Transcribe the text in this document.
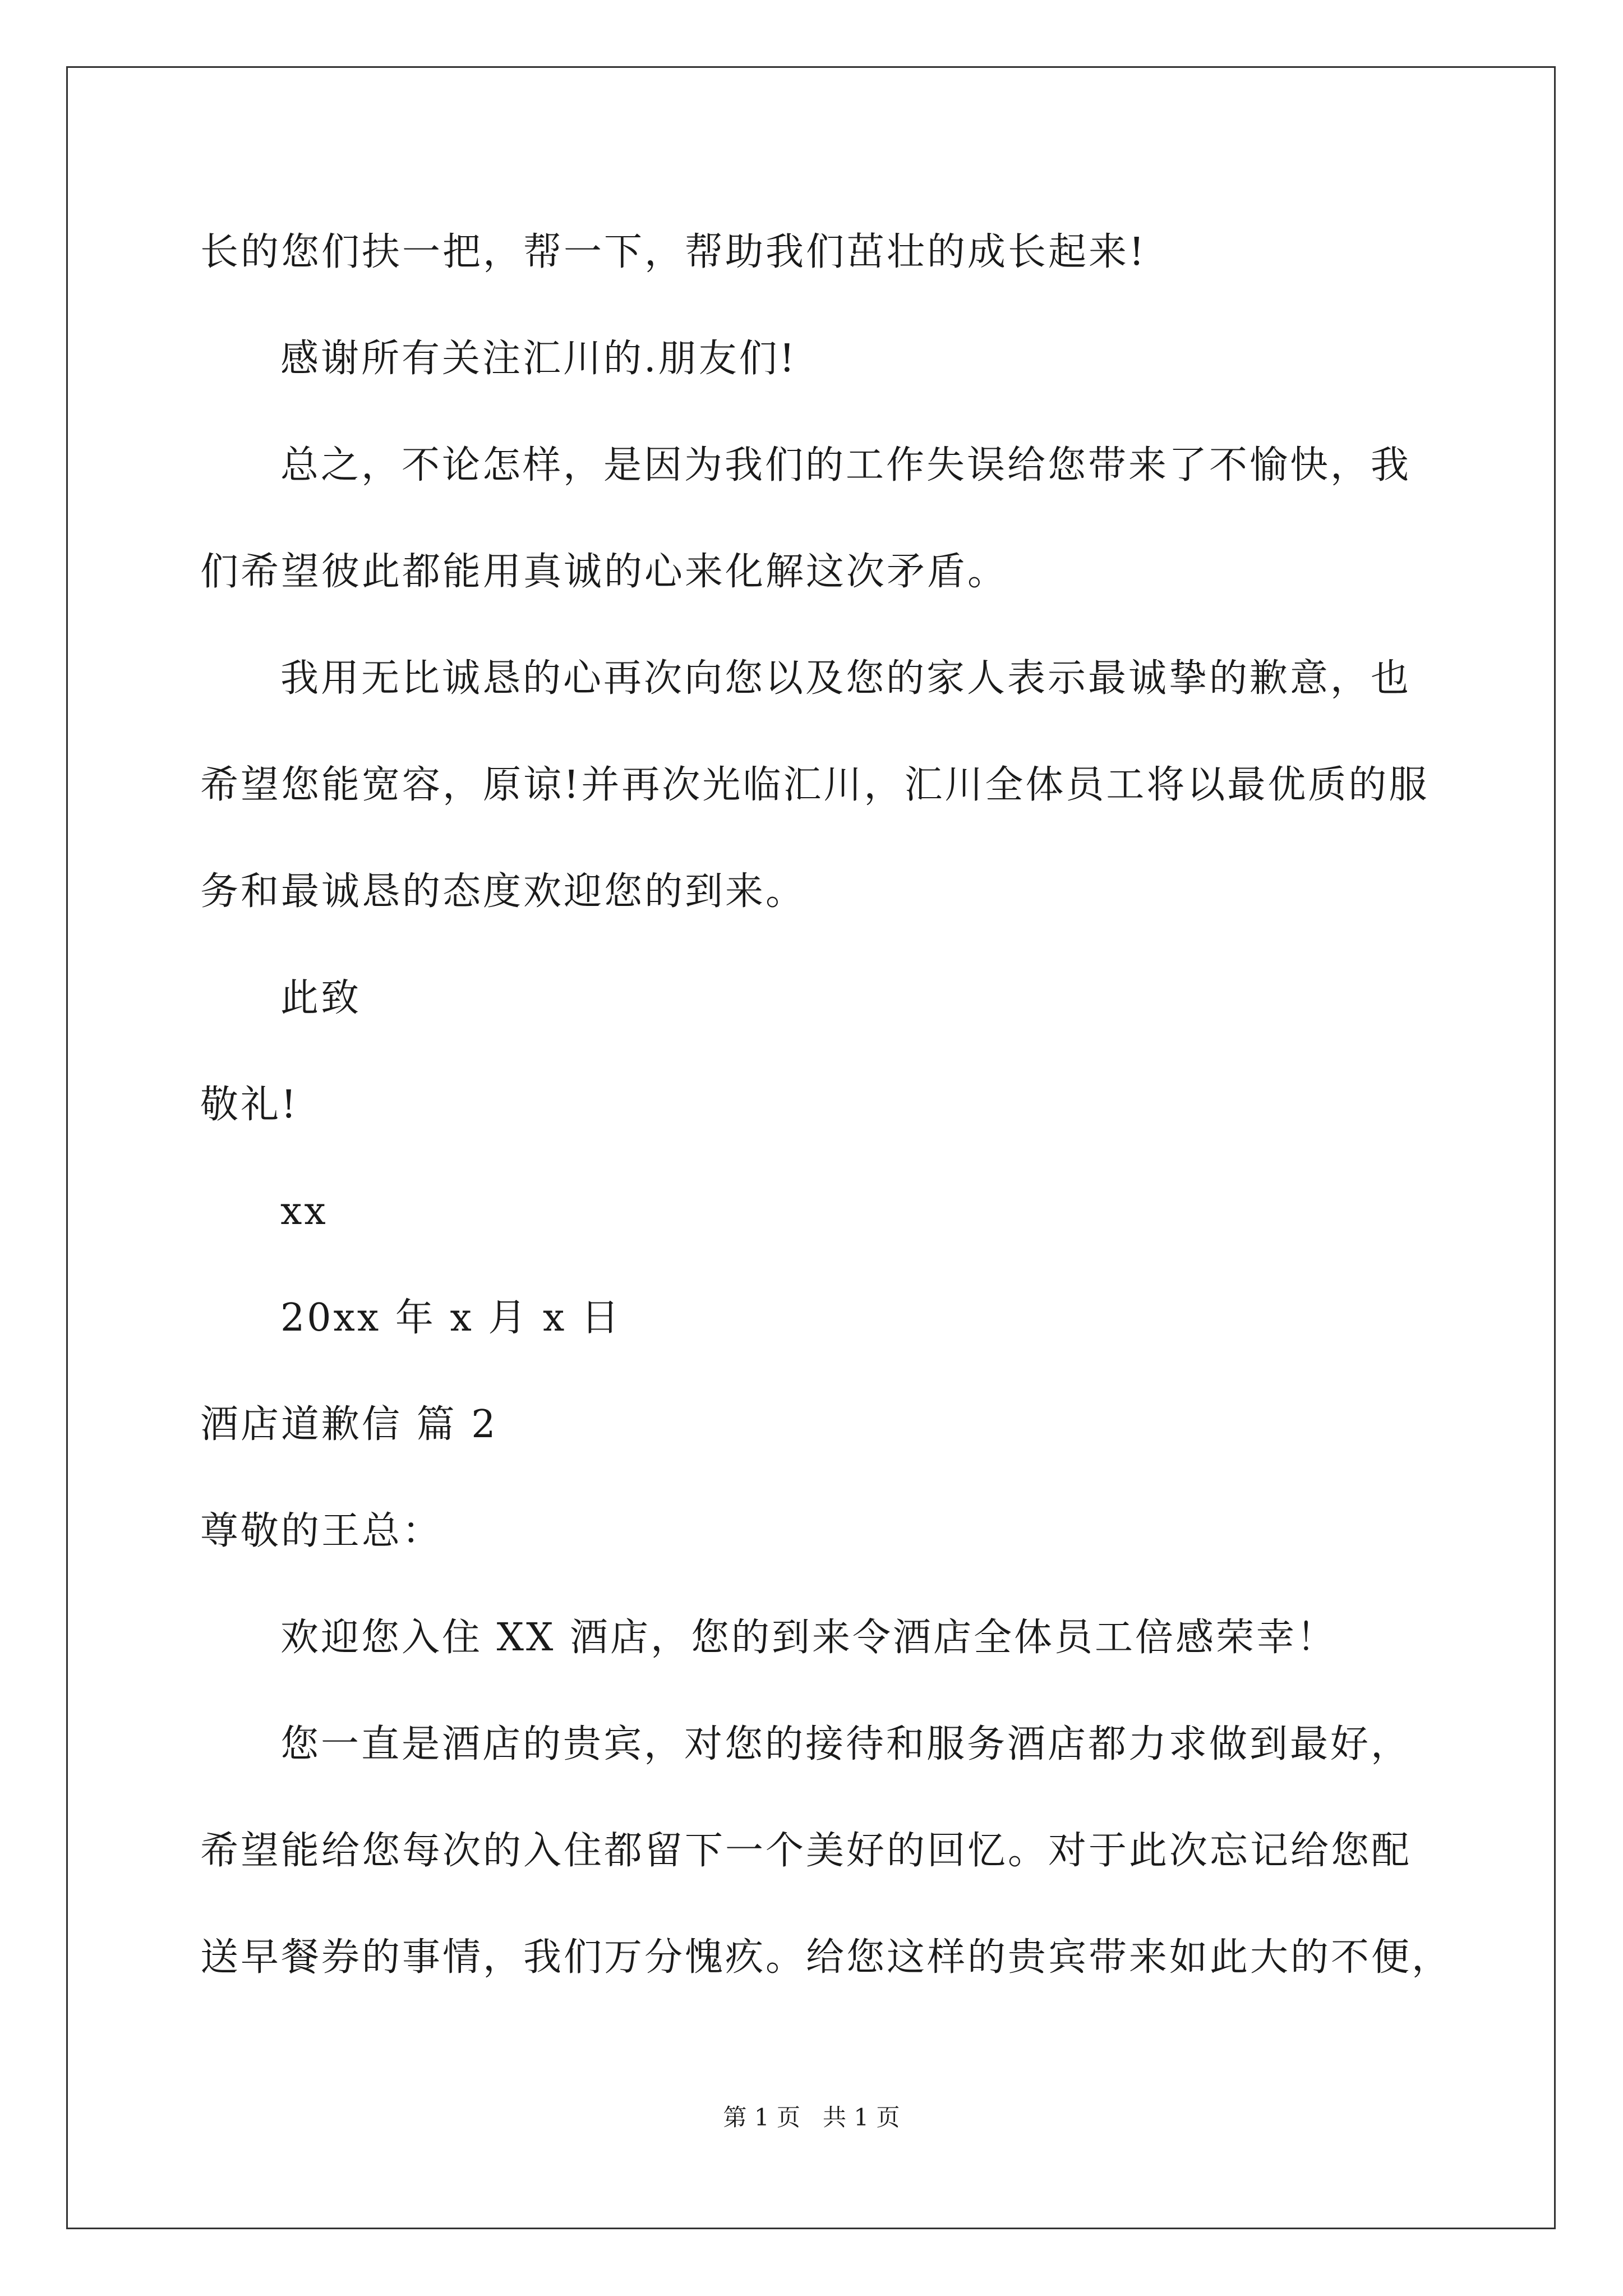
长的您们扶一把，帮一下，帮助我们茁壮的成长起来!
感谢所有关注汇川的.朋友们!
总之，不论怎样，是因为我们的工作失误给您带来了不愉快，我
们希望彼此都能用真诚的心来化解这次矛盾。
我用无比诚恳的心再次向您以及您的家人表示最诚挚的歉意，也
希望您能宽容，原谅!并再次光临汇川，汇川全体员工将以最优质的服
务和最诚恳的态度欢迎您的到来。
此致
敬礼!
xx
20xx 年 x 月 x 日
酒店道歉信 篇 2
尊敬的王总：
欢迎您入住 XX 酒店，您的到来令酒店全体员工倍感荣幸！
您一直是酒店的贵宾，对您的接待和服务酒店都力求做到最好，
希望能给您每次的入住都留下一个美好的回忆。对于此次忘记给您配
送早餐券的事情，我们万分愧疚。给您这样的贵宾带来如此大的不便，
第 1 页   共 1 页
